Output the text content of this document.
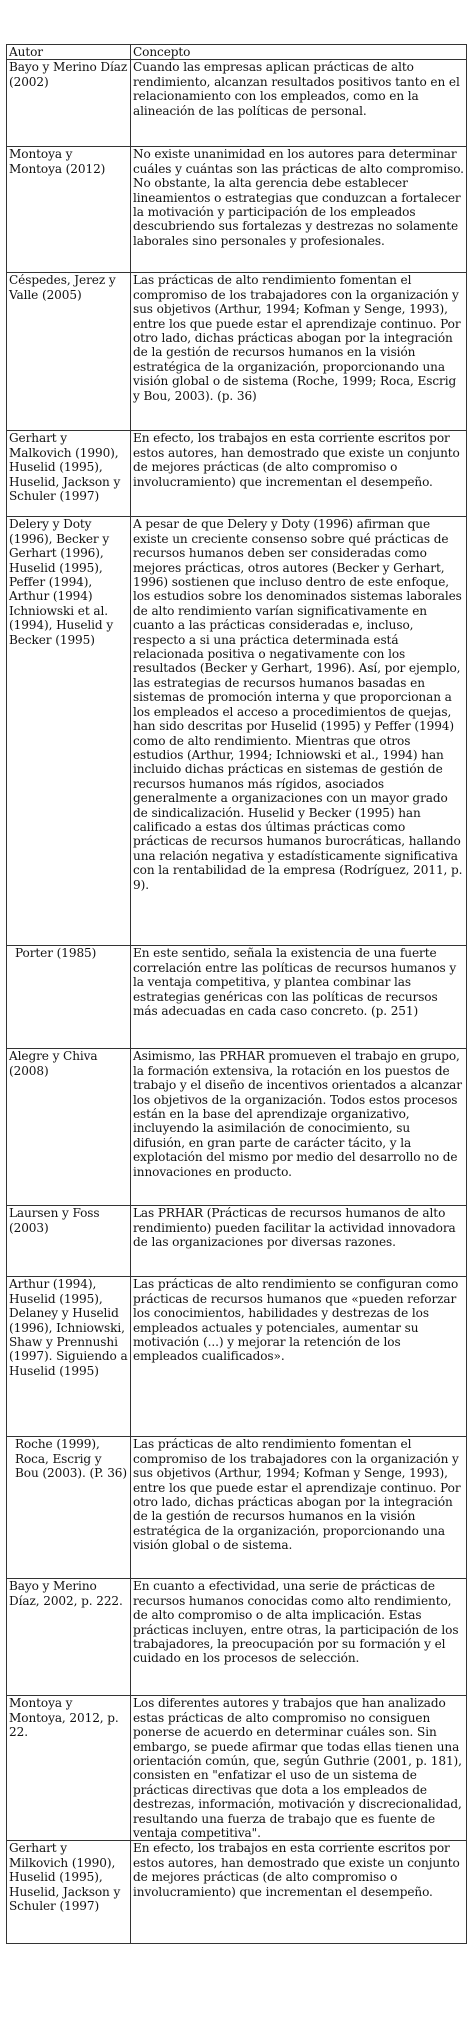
Autor	Concepto
Bayo y Merino Díaz (2002)	Cuando las empresas aplican prácticas de alto rendimiento, alcanzan resultados positivos tanto en el relacionamiento con los empleados, como en la alineación de las políticas de personal.
Montoya y Montoya (2012)	No existe unanimidad en los autores para determinar cuáles y cuántas son las prácticas de alto compromiso. No obstante, la alta gerencia debe establecer lineamientos o estrategias que conduzcan a fortalecer la motivación y participación de los empleados descubriendo sus fortalezas y destrezas no solamente laborales sino personales y profesionales.
Céspedes, Jerez y Valle (2005)	Las prácticas de alto rendimiento fomentan el compromiso de los trabajadores con la organización y sus objetivos (Arthur, 1994; Kofman y Senge, 1993), entre los que puede estar el aprendizaje continuo. Por otro lado, dichas prácticas abogan por la integración de la gestión de recursos humanos en la visión estratégica de la organización, proporcionando una visión global o de sistema (Roche, 1999; Roca, Escrig y Bou, 2003). (p. 36)
Gerhart y Malkovich (1990), Huselid (1995), Huselid, Jackson y Schuler (1997)	En efecto, los trabajos en esta corriente escritos por estos autores, han demostrado que existe un conjunto de mejores prácticas (de alto compromiso o involucramiento) que incrementan el desempeño.
Delery y Doty (1996), Becker y Gerhart (1996), Huselid (1995), Peffer (1994), Arthur (1994) Ichniowski et al. (1994), Huselid y Becker (1995)	A pesar de que Delery y Doty (1996) afirman que existe un creciente consenso sobre qué prácticas de recursos humanos deben ser consideradas como mejores prácticas, otros autores (Becker y Gerhart, 1996) sostienen que incluso dentro de este enfoque, los estudios sobre los denominados sistemas laborales de alto rendimiento varían significativamente en cuanto a las prácticas consideradas e, incluso, respecto a si una práctica determinada está relacionada positiva o negativamente con los resultados (Becker y Gerhart, 1996). Así, por ejemplo, las estrategias de recursos humanos basadas en sistemas de promoción interna y que proporcionan a los empleados el acceso a procedimientos de quejas, han sido descritas por Huselid (1995) y Peffer (1994) como de alto rendimiento. Mientras que otros estudios (Arthur, 1994; Ichniowski et al., 1994) han incluido dichas prácticas en sistemas de gestión de recursos humanos más rígidos, asociados generalmente a organizaciones con un mayor grado de sindicalización. Huselid y Becker (1995) han calificado a estas dos últimas prácticas como prácticas de recursos humanos burocráticas, hallando una relación negativa y estadísticamente significativa con la rentabilidad de la empresa (Rodríguez, 2011, p. 9).
Porter (1985)	En este sentido, señala la existencia de una fuerte correlación entre las políticas de recursos humanos y la ventaja competitiva, y plantea combinar las estrategias genéricas con las políticas de recursos más adecuadas en cada caso concreto. (p. 251)
Alegre y Chiva (2008)	Asimismo, las PRHAR promueven el trabajo en grupo, la formación extensiva, la rotación en los puestos de trabajo y el diseño de incentivos orientados a alcanzar los objetivos de la organización. Todos estos procesos están en la base del aprendizaje organizativo, incluyendo la asimilación de conocimiento, su difusión, en gran parte de carácter tácito, y la explotación del mismo por medio del desarrollo no de innovaciones en producto.
Laursen y Foss (2003)	Las PRHAR (Prácticas de recursos humanos de alto rendimiento) pueden facilitar la actividad innovadora de las organizaciones por diversas razones.
Arthur (1994), Huselid (1995), Delaney y Huselid (1996), Ichniowski, Shaw y Prennushi (1997). Siguiendo a Huselid (1995)	Las prácticas de alto rendimiento se configuran como prácticas de recursos humanos que «pueden reforzar los conocimientos, habilidades y destrezas de los empleados actuales y potenciales, aumentar su motivación (...) y mejorar la retención de los empleados cualificados».
Roche (1999), Roca, Escrig y Bou (2003). (P. 36)	Las prácticas de alto rendimiento fomentan el compromiso de los trabajadores con la organización y sus objetivos (Arthur, 1994; Kofman y Senge, 1993), entre los que puede estar el aprendizaje continuo. Por otro lado, dichas prácticas abogan por la integración de la gestión de recursos humanos en la visión estratégica de la organización, proporcionando una visión global o de sistema.
Bayo y Merino Díaz, 2002, p. 222.	En cuanto a efectividad, una serie de prácticas de recursos humanos conocidas como alto rendimiento, de alto compromiso o de alta implicación. Estas prácticas incluyen, entre otras, la participación de los trabajadores, la preocupación por su formación y el cuidado en los procesos de selección.
Montoya y Montoya, 2012, p. 22.	Los diferentes autores y trabajos que han analizado estas prácticas de alto compromiso no consiguen ponerse de acuerdo en determinar cuáles son. Sin embargo, se puede afirmar que todas ellas tienen una orientación común, que, según Guthrie (2001, p. 181), consisten en "enfatizar el uso de un sistema de prácticas directivas que dota a los empleados de destrezas, información, motivación y discrecionalidad, resultando una fuerza de trabajo que es fuente de ventaja competitiva".
Gerhart y Milkovich (1990), Huselid (1995), Huselid, Jackson y Schuler (1997)	En efecto, los trabajos en esta corriente escritos por estos autores, han demostrado que existe un conjunto de mejores prácticas (de alto compromiso o involucramiento) que incrementan el desempeño.
